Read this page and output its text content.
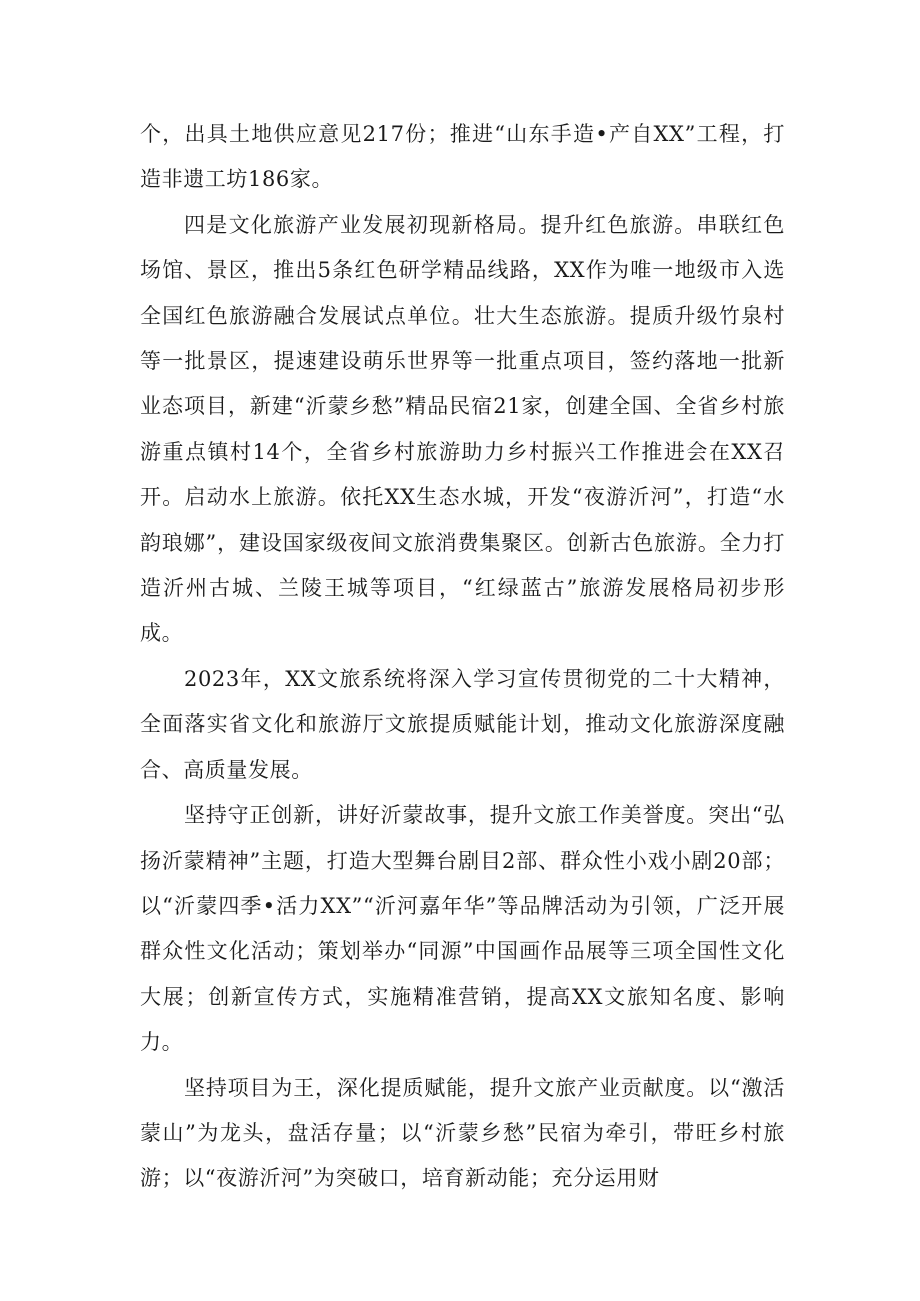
个，出具土地供应意见217份；推进“山东手造•产自XX”工程，打造非遗工坊186家。

四是文化旅游产业发展初现新格局。提升红色旅游。串联红色场馆、景区，推出5条红色研学精品线路，XX作为唯一地级市入选全国红色旅游融合发展试点单位。壮大生态旅游。提质升级竹泉村等一批景区，提速建设萌乐世界等一批重点项目，签约落地一批新业态项目，新建“沂蒙乡愁”精品民宿21家，创建全国、全省乡村旅游重点镇村14个，全省乡村旅游助力乡村振兴工作推进会在XX召开。启动水上旅游。依托XX生态水城，开发“夜游沂河”，打造“水韵琅娜”，建设国家级夜间文旅消费集聚区。创新古色旅游。全力打造沂州古城、兰陵王城等项目，“红绿蓝古”旅游发展格局初步形成。

2023年，XX文旅系统将深入学习宣传贯彻党的二十大精神，全面落实省文化和旅游厅文旅提质赋能计划，推动文化旅游深度融合、高质量发展。

坚持守正创新，讲好沂蒙故事，提升文旅工作美誉度。突出“弘扬沂蒙精神”主题，打造大型舞台剧目2部、群众性小戏小剧20部；以“沂蒙四季•活力XX”“沂河嘉年华”等品牌活动为引领，广泛开展群众性文化活动；策划举办“同源”中国画作品展等三项全国性文化大展；创新宣传方式，实施精准营销，提高XX文旅知名度、影响力。

坚持项目为王，深化提质赋能，提升文旅产业贡献度。以“激活蒙山”为龙头，盘活存量；以“沂蒙乡愁”民宿为牵引，带旺乡村旅游；以“夜游沂河”为突破口，培育新动能；充分运用财
